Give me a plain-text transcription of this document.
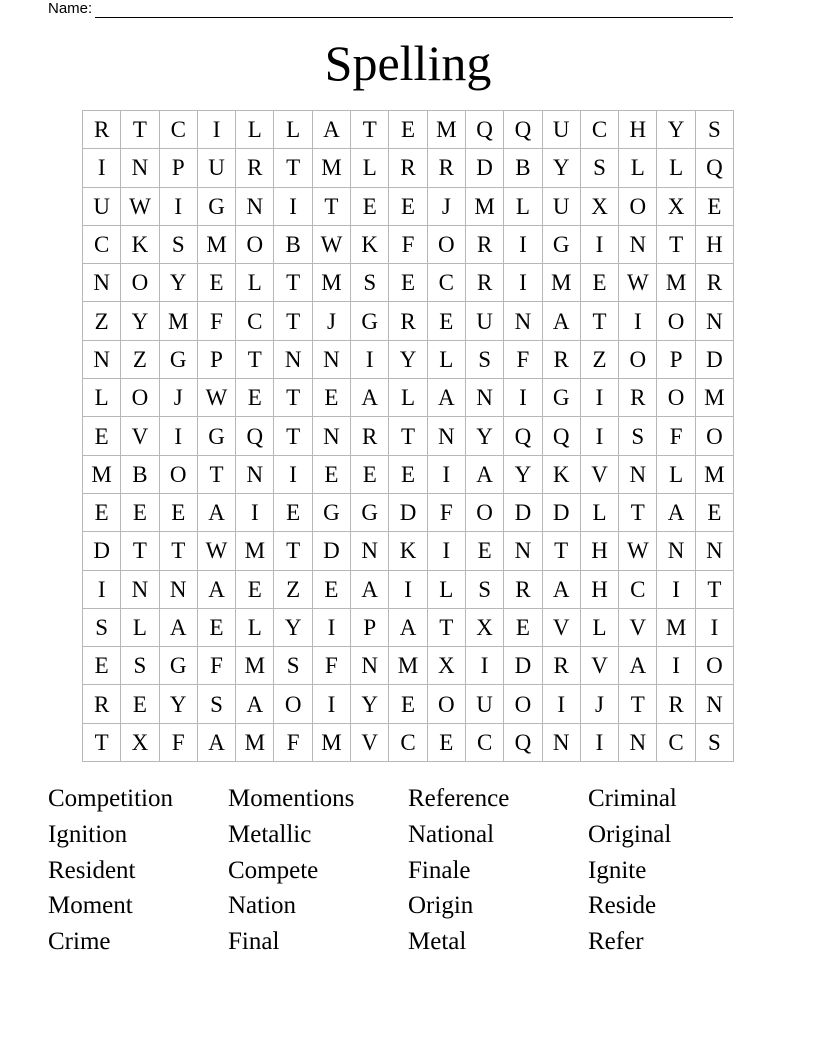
Name:
Spelling
R	T	C	I	L	L	A	T	E	M	Q	Q	U	C	H	Y	S
I	N	P	U	R	T	M	L	R	R	D	B	Y	S	L	L	Q
U	W	I	G	N	I	T	E	E	J	M	L	U	X	O	X	E
C	K	S	M	O	B	W	K	F	O	R	I	G	I	N	T	H
N	O	Y	E	L	T	M	S	E	C	R	I	M	E	W	M	R
Z	Y	M	F	C	T	J	G	R	E	U	N	A	T	I	O	N
N	Z	G	P	T	N	N	I	Y	L	S	F	R	Z	O	P	D
L	O	J	W	E	T	E	A	L	A	N	I	G	I	R	O	M
E	V	I	G	Q	T	N	R	T	N	Y	Q	Q	I	S	F	O
M	B	O	T	N	I	E	E	E	I	A	Y	K	V	N	L	M
E	E	E	A	I	E	G	G	D	F	O	D	D	L	T	A	E
D	T	T	W	M	T	D	N	K	I	E	N	T	H	W	N	N
I	N	N	A	E	Z	E	A	I	L	S	R	A	H	C	I	T
S	L	A	E	L	Y	I	P	A	T	X	E	V	L	V	M	I
E	S	G	F	M	S	F	N	M	X	I	D	R	V	A	I	O
R	E	Y	S	A	O	I	Y	E	O	U	O	I	J	T	R	N
T	X	F	A	M	F	M	V	C	E	C	Q	N	I	N	C	S
Competition	Momentions	Reference	Criminal
Ignition	Metallic	National	Original
Resident	Compete	Finale	Ignite
Moment	Nation	Origin	Reside
Crime	Final	Metal	Refer
